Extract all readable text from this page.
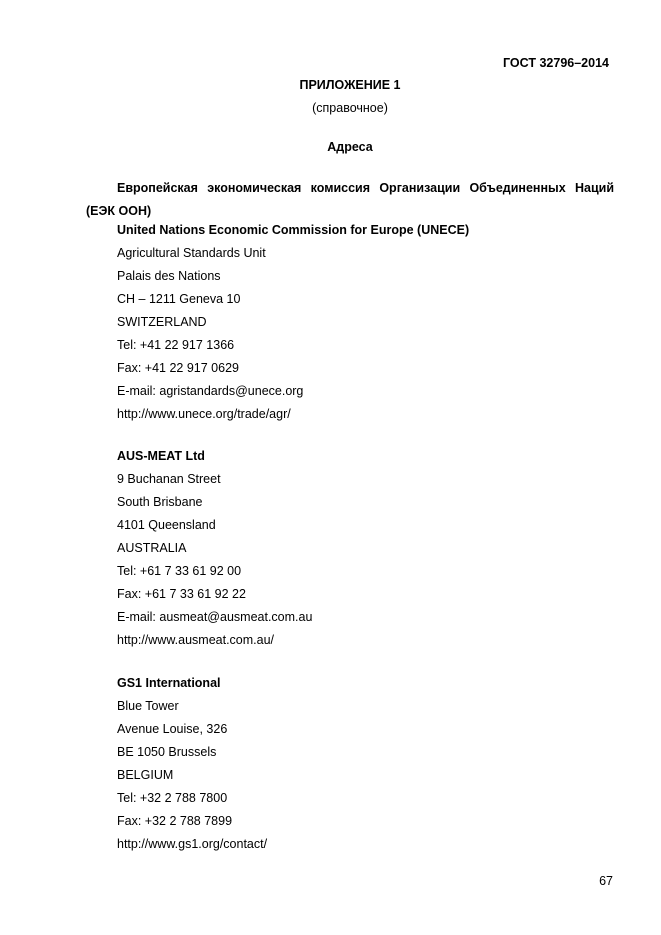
ГОСТ 32796–2014
ПРИЛОЖЕНИЕ 1
(справочное)
Адреса
Европейская экономическая комиссия Организации Объединенных Наций (ЕЭК ООН)
United Nations Economic Commission for Europe (UNECE)
Agricultural Standards Unit
Palais des Nations
CH – 1211 Geneva 10
SWITZERLAND
Tel: +41 22 917 1366
Fax: +41 22 917 0629
E-mail: agristandards@unece.org
http://www.unece.org/trade/agr/
AUS-MEAT Ltd
9 Buchanan Street
South Brisbane
4101 Queensland
AUSTRALIA
Tel: +61 7 33 61 92 00
Fax: +61 7 33 61 92 22
E-mail: ausmeat@ausmeat.com.au
http://www.ausmeat.com.au/
GS1 International
Blue Tower
Avenue Louise, 326
BE 1050 Brussels
BELGIUM
Tel: +32 2 788 7800
Fax: +32 2 788 7899
http://www.gs1.org/contact/
67
